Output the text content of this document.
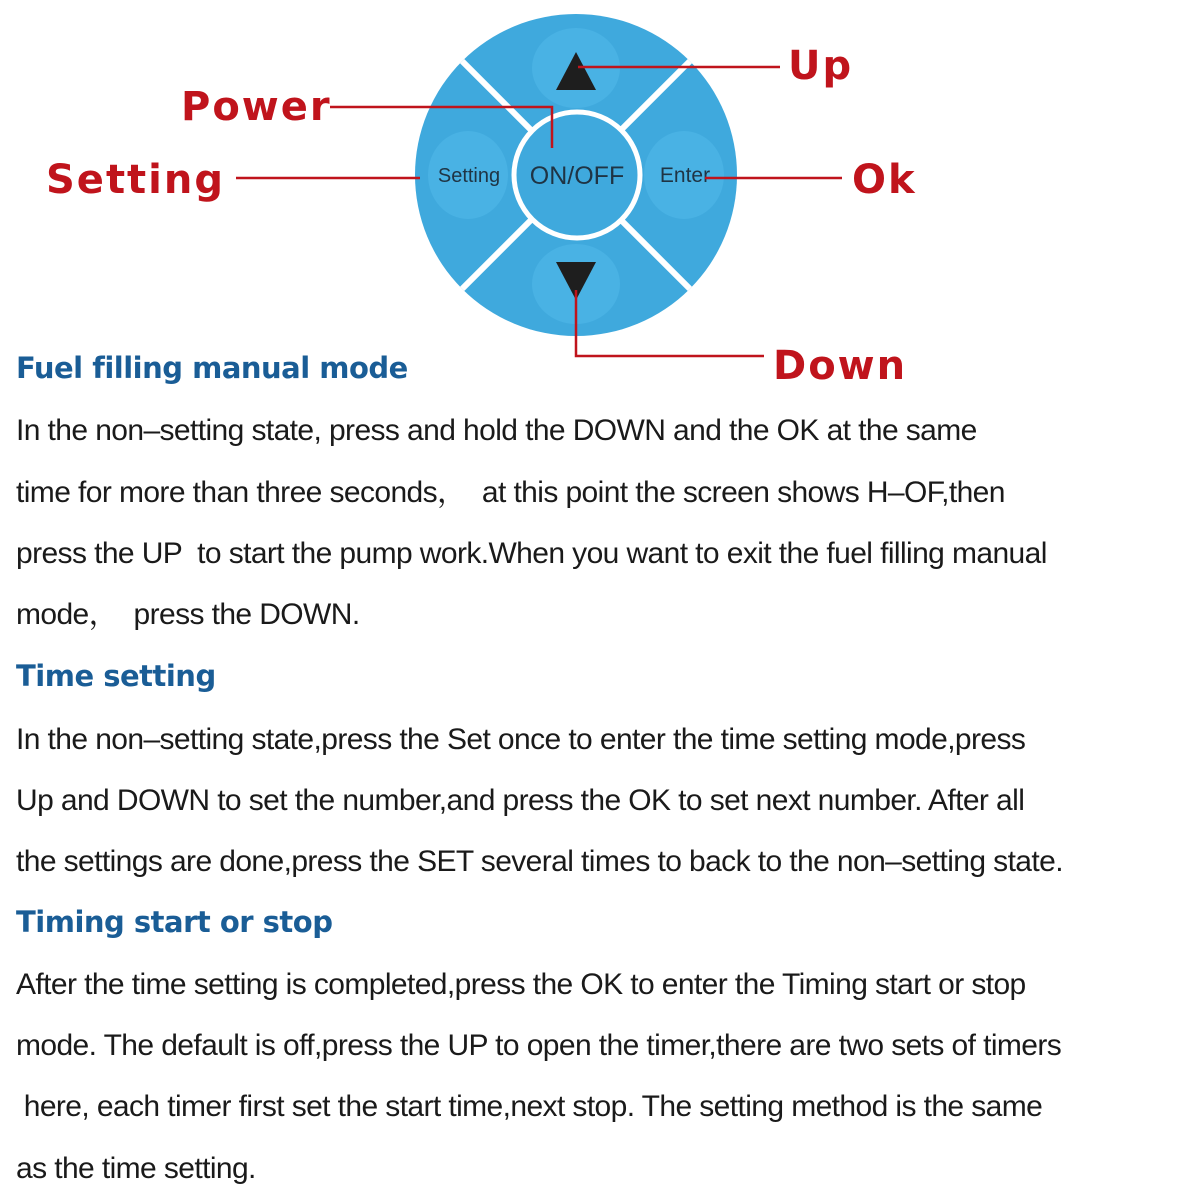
ON/OFF
Setting	Enter
Up
Power
Setting	Ok
Down
Fuel filling manual mode
In the non–setting state, press and hold the DOWN and the OK at the same
time for more than three seconds，  at this point the screen shows H–OF,then
press the UP  to start the pump work.When you want to exit the fuel filling manual
mode，  press the DOWN.
Time setting
In the non–setting state,press the Set once to enter the time setting mode,press
Up and DOWN to set the number,and press the OK to set next number. After all
the settings are done,press the SET several times to back to the non–setting state.
Timing start or stop
After the time setting is completed,press the OK to enter the Timing start or stop
mode. The default is off,press the UP to open the timer,there are two sets of timers
here, each timer first set the start time,next stop. The setting method is the same
as the time setting.
